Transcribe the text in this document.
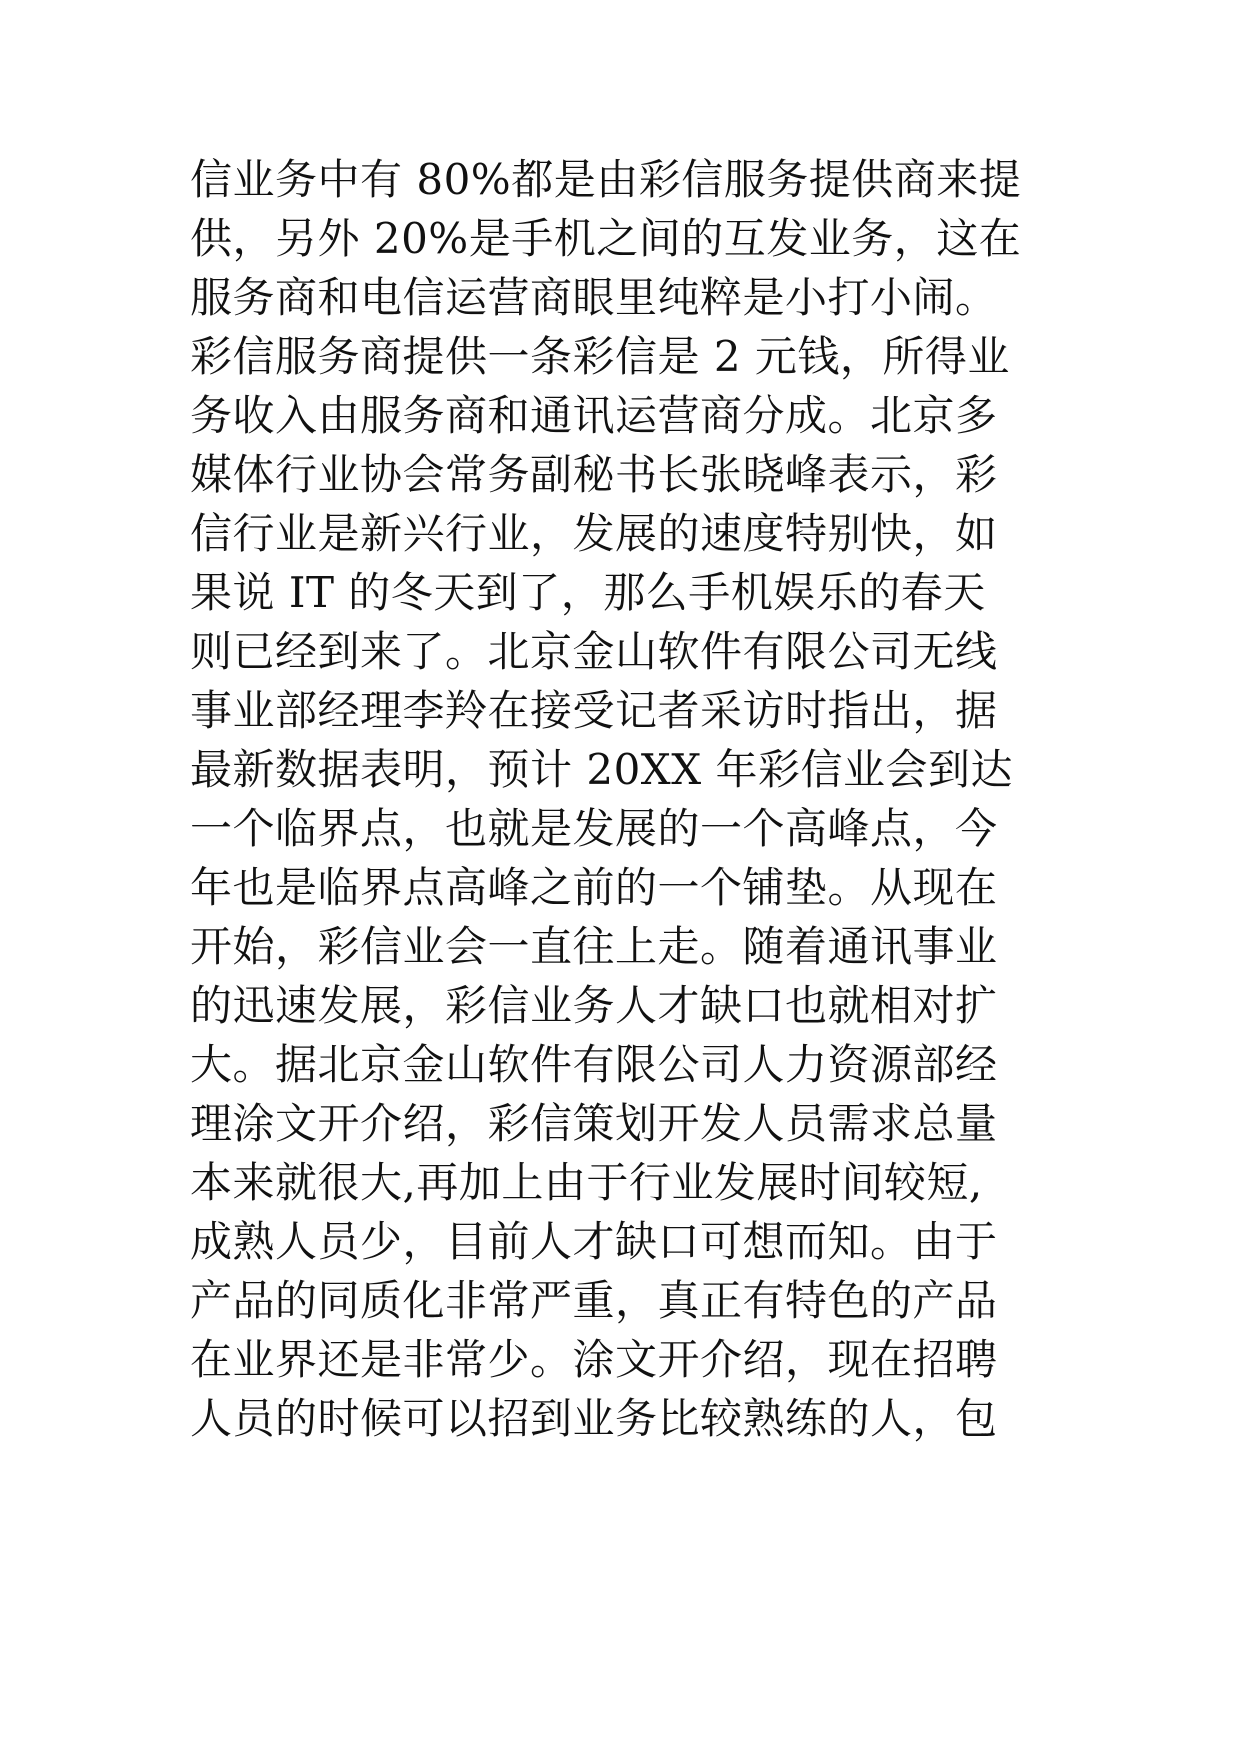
信业务中有 80%都是由彩信服务提供商来提
供，另外 20%是手机之间的互发业务，这在
服务商和电信运营商眼里纯粹是小打小闹。
彩信服务商提供一条彩信是 2 元钱，所得业
务收入由服务商和通讯运营商分成。北京多
媒体行业协会常务副秘书长张晓峰表示，彩
信行业是新兴行业，发展的速度特别快，如
果说 IT 的冬天到了，那么手机娱乐的春天
则已经到来了。北京金山软件有限公司无线
事业部经理李羚在接受记者采访时指出，据
最新数据表明，预计 20XX 年彩信业会到达
一个临界点，也就是发展的一个高峰点，今
年也是临界点高峰之前的一个铺垫。从现在
开始，彩信业会一直往上走。随着通讯事业
的迅速发展，彩信业务人才缺口也就相对扩
大。据北京金山软件有限公司人力资源部经
理涂文开介绍，彩信策划开发人员需求总量
本来就很大,再加上由于行业发展时间较短,
成熟人员少，目前人才缺口可想而知。由于
产品的同质化非常严重，真正有特色的产品
在业界还是非常少。涂文开介绍，现在招聘
人员的时候可以招到业务比较熟练的人，包
